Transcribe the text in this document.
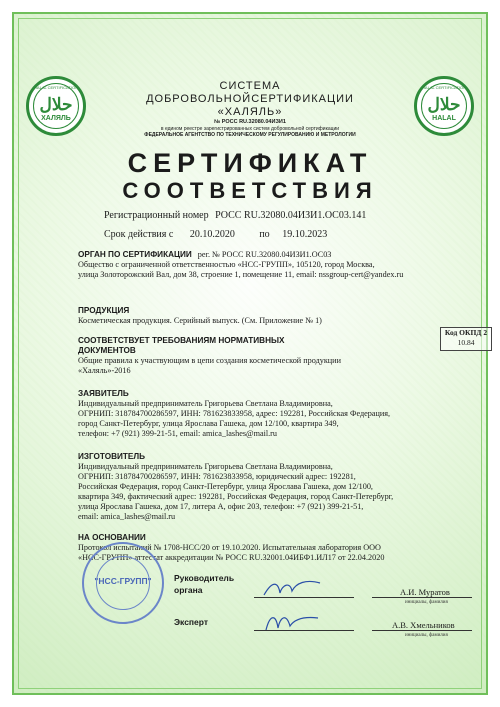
HALAL CERTIFICATION
حلال
ХАЛЯЛЬ
HALAL CERTIFICATION
حلال
HALAL
СИСТЕМА
ДОБРОВОЛЬНОЙСЕРТИФИКАЦИИ
«ХАЛЯЛЬ»
№ РОСС RU.32080.04ИЗИ1
в едином реестре зарегистрированных систем добровольной сертификации
ФЕДЕРАЛЬНОЕ АГЕНТСТВО ПО ТЕХНИЧЕСКОМУ РЕГУЛИРОВАНИЮ И МЕТРОЛОГИИ
СЕРТИФИКАТ
СООТВЕТСТВИЯ
Регистрационный номер РОСС RU.32080.04ИЗИ1.ОС03.141
Срок действия с 20.10.2020 по 19.10.2023
ОРГАН ПО СЕРТИФИКАЦИИ рег. № РОСС RU.32080.04ИЗИ1.ОС03
Общество с ограниченной ответственностью «НСС-ГРУПП», 105120, город Москва,
улица Золоторожский Вал, дом 38, строение 1, помещение 11, email: nssgroup-cert@yandex.ru
ПРОДУКЦИЯ
Косметическая продукция. Серийный выпуск. (См. Приложение № 1)
Код ОКПД 2
10.84
СООТВЕТСТВУЕТ ТРЕБОВАНИЯМ НОРМАТИВНЫХ
ДОКУМЕНТОВ
Общие правила к участвующим в цепи создания косметической продукции
«Халяль»-2016
ЗАЯВИТЕЛЬ
Индивидуальный предприниматель Григорьева Светлана Владимировна,
ОГРНИП: 318784700286597, ИНН: 781623833958, адрес: 192281, Российская Федерация,
город Санкт-Петербург, улица Ярослава Гашека, дом 12/100, квартира 349,
телефон: +7 (921) 399-21-51, email: amica_lashes@mail.ru
ИЗГОТОВИТЕЛЬ
Индивидуальный предприниматель Григорьева Светлана Владимировна,
ОГРНИП: 318784700286597, ИНН: 781623833958, юридический адрес: 192281,
Российская Федерация, город Санкт-Петербург, улица Ярослава Гашека, дом 12/100,
квартира 349, фактический адрес: 192281, Российская Федерация, город Санкт-Петербург,
улица Ярослава Гашека, дом 17, литера А, офис 203, телефон: +7 (921) 399-21-51,
email: amica_lashes@mail.ru
НА ОСНОВАНИИ
Протокол испытаний № 1708-НСС/20 от 19.10.2020. Испытательная лаборатория ООО
«НСС-ГРУПП» аттестат аккредитации № РОСС RU.32001.04ИБФ1.ИЛ17 от 22.04.2020
"НСС-ГРУПП"	Руководитель
органа	А.И. Муратов
инициалы, фамилия
Эксперт	А.В. Хмельников
инициалы, фамилия
